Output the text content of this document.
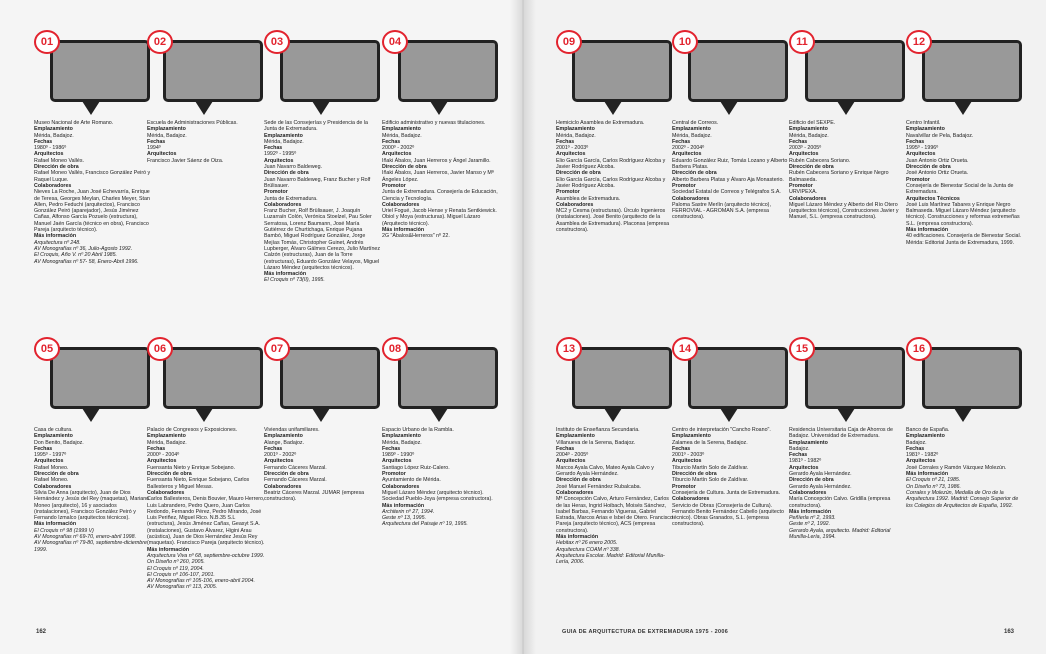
01
Museo Nacional de Arte Romano.
Emplazamiento
Mérida, Badajoz.
Fechas
1980º - 1986º
Arquitectos
Rafael Moneo Vallés.
Dirección de obra
Rafael Moneo Vallés, Francisco González Peiró y Raquel Luque.
Colaboradores
Nieves La Roche, Juan José Echevarría, Enrique de Teresa, Georges Meylan, Charles Meyer, Stan Allen, Pedro Feduchi (arquitectos), Francisco González Peiró (aparejador), Jesús Jiménez Cañas, Alfonso García Pozuelo (estructura), Manuel Jaén García (técnico en obra), Francisco Pareja (arquitecto técnico).
Más información
Arquitectura nº 248.
AV Monografías nº 36, Julio-Agosto 1992.
El Croquis, Año V. nº 20 Abril 1985.
AV Monografías nº 57- 58, Enero-Abril 1996.
02
Escuela de Administraciones Públicas.
Emplazamiento
Mérida, Badajoz.
Fechas
1994º
Arquitectos
Francisco Javier Sáenz de Oiza.
03
Sede de las Consejerías y Presidencia de la Junta de Extremadura.
Emplazamiento
Mérida, Badajoz.
Fechas
1992º - 1995º
Arquitectos
Juan Navarro Baldeweg.
Dirección de obra
Juan Navarro Baldeweg, Franz Bucher y Rolf Brülisauer.
Promotor
Junta de Extremadura.
Colaboradores
Franz Bucher, Rolf Brülisauer, J. Joaquín Luzarraín Colón, Verónica Stoelzel, Pau Soler Serratosa, Lorenz Baumann, José María Gutiérrez de Churtichaga, Enrique Pujana Bambó, Miguel Rodríguez González, Jorge Mejías Tomás, Christopher Guinet, Andrés Lupberger, Álvaro Gálmes Cerezo, Julio Martínez Calzón (estructuras), Juan de la Torre (estructuras), Eduardo González Velayos, Miguel Lázaro Méndez (arquitectos técnicos).
Más información
El Croquis nº 73(II), 1995.
04
Edificio administrativo y nuevas titulaciones.
Emplazamiento
Mérida, Badajoz.
Fechas
2000º - 2002º
Arquitectos
Iñaki Ábalos, Juan Herreros y Ángel Jaramillo.
Dirección de obra
Iñaki Ábalos, Juan Herreros, Javier Manso y Mª Ángeles López.
Promotor
Junta de Extremadura. Consejería de Educación, Ciencia y Tecnología.
Colaboradores
Uriel Fogué, Jacob Hense y Renata Sentkiewick. Obiol y Moya (estructuras). Miguel Lázaro (Arquitecto técnico).
Más información
2G "Ábalos&Herreros" nº 22.
09
Hemiciclo Asamblea de Extremadura.
Emplazamiento
Mérida, Badajoz.
Fechas
2001º - 2003º
Arquitectos
Elio García García, Carlos Rodríguez Alcoba y Javier Rodríguez Alcoba.
Dirección de obra
Elio García García, Carlos Rodríguez Alcoba y Javier Rodríguez Alcoba.
Promotor
Asamblea de Extremadura.
Colaboradores
MC2 y Cesma (estructuras). Úrculo Ingenieros (instalaciones). José Benito (arquitecto de la Asamblea de Extremadura). Placonsa (empresa constructora).
10
Central de Correos.
Emplazamiento
Mérida, Badajoz.
Fechas
2002º - 2004º
Arquitectos
Eduardo González Ruiz, Tomás Lozano y Alberto Barbera Platas.
Dirección de obra
Alberto Barbera Platas y Álvaro Aja Monasterio.
Promotor
Sociedad Estatal de Correos y Telégrafos S.A.
Colaboradores
Paloma Sastre Merlín (arquitecto técnico), FERROVIAL - AGROMAN S.A. (empresa constructora).
11
Edificio del SEXPE.
Emplazamiento
Mérida, Badajoz.
Fechas
2003º - 2005º
Arquitectos
Rubén Cabecera Soriano.
Dirección de obra
Rubén Cabecera Soriano y Enrique Negro Balmaseda.
Promotor
URVIPEXA.
Colaboradores
Miguel Lázaro Méndez y Alberto del Río Otero (arquitectos técnicos), Construcciones Javier y Manuel, S.L. (empresa constructora).
12
Centro Infantil.
Emplazamiento
Navalvillar de Pela, Badajoz.
Fechas
1995º - 1996º
Arquitectos
Juan Antonio Ortiz Orueta.
Dirección de obra
José Antonio Ortiz Orueta.
Promotor
Consejería de Bienestar Social de la Junta de Extremadura.
Arquitectos Técnicos
José Luis Martínez Tabares y Enrique Negro Balmaseda. Miguel Lázaro Méndez (arquitecto técnico). Construcciones y reformas extremeñas S.L. (empresa constructora).
Más información
40 edificaciones. Consejería de Bienestar Social. Mérida: Editorial Junta de Extremadura, 1999.
05
Casa de cultura.
Emplazamiento
Don Benito, Badajoz.
Fechas
1995º - 1997º
Arquitectos
Rafael Moneo.
Dirección de obra
Rafael Moneo.
Colaboradores
Silvia De Anna (arquitecto), Juan de Dios Hernández y Jesús del Rey (maquetas), Mariano Moneo (arquitecto), 16 y asociados (instalaciones), Francisco González Peiró y Fernando Izmalco (arquitectos técnicos).
Más información
El Croquis nº 98 (1999 V)
AV Monografías nº 69-70, enero-abril 1998.
AV Monografías nº 79-80, septiembre-diciembre 1999.
06
Palacio de Congresos y Exposiciones.
Emplazamiento
Mérida, Badajoz.
Fechas
2000º - 2004º
Arquitectos
Fuensanta Nieto y Enrique Sobejano.
Dirección de obra
Fuensanta Nieto, Enrique Sobejano, Carlos Ballesteros y Miguel Mesas.
Colaboradores
Carlos Ballesteros, Denis Bouvier, Mauro Herrero, Luis Labrandero, Pedro Quero, Juan Carlos Redondo, Fernando Pérez, Pedro Mirando, José Luis Periñez, Miguel Rico. N.B.35 S.L (estructura), Jesús Jiménez Cañas, Geasyt S.A. (instalaciones), Gustavo Álvarez, Higini Arau (acústica), Juan de Dios Hernández Jesús Rey (maquetas). Francisco Pareja (arquitecto técnico).
Más información
Arquitectura Viva nº 68, septiembre-octubre 1999.
On Diseño nº 260, 2005.
El Croquis nº 119, 2004.
El Croquis nº 106-107, 2001.
AV Monografías nº 105-106, enero-abril 2004.
AV Monografías nº 113, 2005.
07
Viviendas unifamiliares.
Emplazamiento
Alange, Badajoz.
Fechas
2001º - 2002º
Arquitectos
Fernando Cáceres Marzal.
Dirección de obra
Fernando Cáceres Marzal.
Colaboradores
Beatriz Cáceres Marzal. JUMAR (empresa constructora).
08
Espacio Urbano de la Rambla.
Emplazamiento
Mérida, Badajoz.
Fechas
1989º - 1990º
Arquitectos
Santiago López Ruiz-Calero.
Promotor
Ayuntamiento de Mérida.
Colaboradores
Miguel Lázaro Méndez (arquitecto técnico). Sociedad Pueblo-Joya (empresa constructora).
Más información
Architerin nº 27, 1994.
Geste nº 13, 1995.
Arquitectura del Paisaje nº 19, 1995.
13
Instituto de Enseñanza Secundaria.
Emplazamiento
Villanueva de la Serena, Badajoz.
Fechas
2004º - 2005º
Arquitectos
Marcos Ayala Calvo, Mateo Ayala Calvo y Gerardo Ayala Hernández.
Dirección de obra
José Manuel Fernández Rubalcaba.
Colaboradores
Mª Concepción Calvo, Arturo Fernández, Carlos de las Heras, Ingrid Hoibach, Moisés Sánchez, Isabel Barbas, Fernando Vigueras, Gabriel Estrada, Marcos Arias e Isbel de Otero. Francisco Pareja (arquitecto técnico), ACS (empresa constructora).
Más información
Hebitax nº 26 enero 2005.
Arquitectura COAM nº 338.
Arquitectura Escolar. Madrid: Editorial Munilla-Lería, 2006.
14
Centro de interpretación "Cancho Roano".
Emplazamiento
Zalamea de la Serena, Badajoz.
Fechas
2001º - 2003º
Arquitectos
Tiburcio Martín Solo de Zaldívar.
Dirección de obra
Tiburcio Martín Solo de Zaldívar.
Promotor
Consejería de Cultura. Junta de Extremadura.
Colaboradores
Servicio de Obras (Consejería de Cultura). Fernando Benito Fernández Cabello (arquitecto técnico). Obras Granados, S.L. (empresa constructora).
15
Residencia Universitaria Caja de Ahorros de Badajoz. Universidad de Extremadura.
Emplazamiento
Badajoz.
Fechas
1981º - 1982º
Arquitectos
Gerardo Ayala Hernández.
Dirección de obra
Gerardo Ayala Hernández.
Colaboradores
María Concepción Calvo. Gridilla (empresa constructora).
Más información
Peñíerla nº 2, 1993.
Geste nº 2, 1992.
Gerardo Ayala, arquitecto. Madrid: Editorial Munilla-Lería, 1994.
16
Banco de España.
Emplazamiento
Badajoz.
Fechas
1981º - 1982º
Arquitectos
José Corrales y Ramón Vázquez Molezún.
Más información
El Croquis nº 21, 1985.
On Diseño nº 73, 1986.
Corrales y Molezún, Medalla de Oro de la Arquitectura 1992. Madrid: Consejo Superior de los Colegios de Arquitectos de España, 1992.
162	GUIA DE ARQUITECTURA DE EXTREMADURA 1975 - 2006	163
